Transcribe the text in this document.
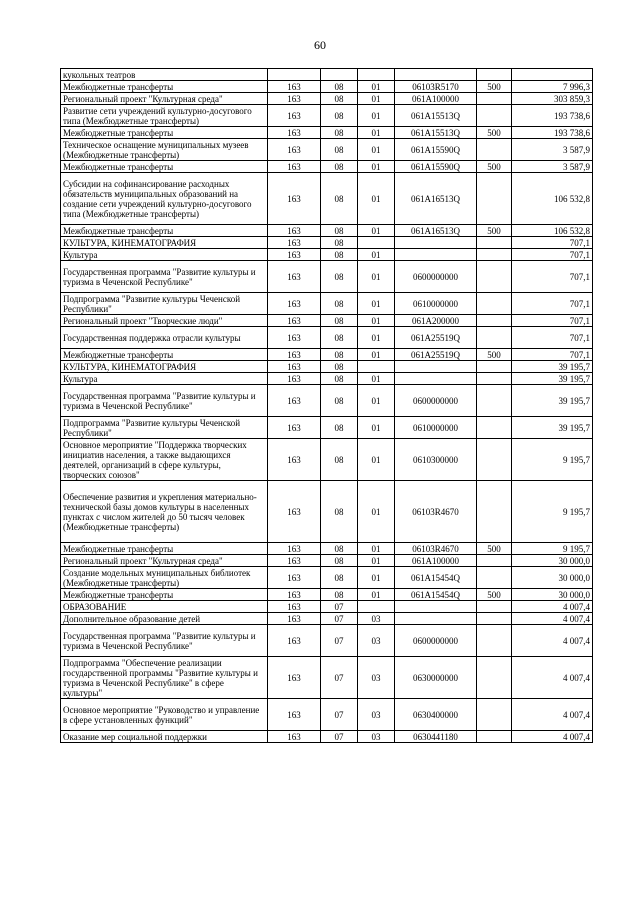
60
кукольных театров						
Межбюджетные трансферты	163	08	01	06103R5170	500	7 996,3
Региональный проект "Культурная среда"	163	08	01	061A100000		303 859,3
Развитие сети учреждений культурно-досугового типа (Межбюджетные трансферты)	163	08	01	061A15513Q		193 738,6
Межбюджетные трансферты	163	08	01	061A15513Q	500	193 738,6
Техническое оснащение муниципальных музеев (Межбюджетные трансферты)	163	08	01	061A15590Q		3 587,9
Межбюджетные трансферты	163	08	01	061A15590Q	500	3 587,9
Субсидии на софинансирование расходных обязательств муниципальных образований на создание сети учреждений культурно-досугового типа (Межбюджетные трансферты)	163	08	01	061A16513Q		106 532,8
Межбюджетные трансферты	163	08	01	061A16513Q	500	106 532,8
КУЛЬТУРА, КИНЕМАТОГРАФИЯ	163	08				707,1
Культура	163	08	01			707,1
Государственная программа "Развитие культуры и туризма в Чеченской Республике"	163	08	01	0600000000		707,1
Подпрограмма "Развитие культуры Чеченской Республики"	163	08	01	0610000000		707,1
Региональный проект "Творческие люди"	163	08	01	061A200000		707,1
Государственная поддержка отрасли культуры	163	08	01	061A25519Q		707,1
Межбюджетные трансферты	163	08	01	061A25519Q	500	707,1
КУЛЬТУРА, КИНЕМАТОГРАФИЯ	163	08				39 195,7
Культура	163	08	01			39 195,7
Государственная программа "Развитие культуры и туризма в Чеченской Республике"	163	08	01	0600000000		39 195,7
Подпрограмма "Развитие культуры Чеченской Республики"	163	08	01	0610000000		39 195,7
Основное мероприятие "Поддержка творческих инициатив населения, а также выдающихся деятелей, организаций в сфере культуры, творческих союзов"	163	08	01	0610300000		9 195,7
Обеспечение развития и укрепления материально-технической базы домов культуры в населенных пунктах с числом жителей до 50 тысяч человек (Межбюджетные трансферты)	163	08	01	06103R4670		9 195,7
Межбюджетные трансферты	163	08	01	06103R4670	500	9 195,7
Региональный проект "Культурная среда"	163	08	01	061A100000		30 000,0
Создание модельных муниципальных библиотек (Межбюджетные трансферты)	163	08	01	061A15454Q		30 000,0
Межбюджетные трансферты	163	08	01	061A15454Q	500	30 000,0
ОБРАЗОВАНИЕ	163	07				4 007,4
Дополнительное образование детей	163	07	03			4 007,4
Государственная программа "Развитие культуры и туризма в Чеченской Республике"	163	07	03	0600000000		4 007,4
Подпрограмма "Обеспечение реализации государственной программы "Развитие культуры и туризма в Чеченской Республике" в сфере культуры"	163	07	03	0630000000		4 007,4
Основное мероприятие "Руководство и управление в сфере установленных функций"	163	07	03	0630400000		4 007,4
Оказание мер социальной поддержки	163	07	03	0630441180		4 007,4
